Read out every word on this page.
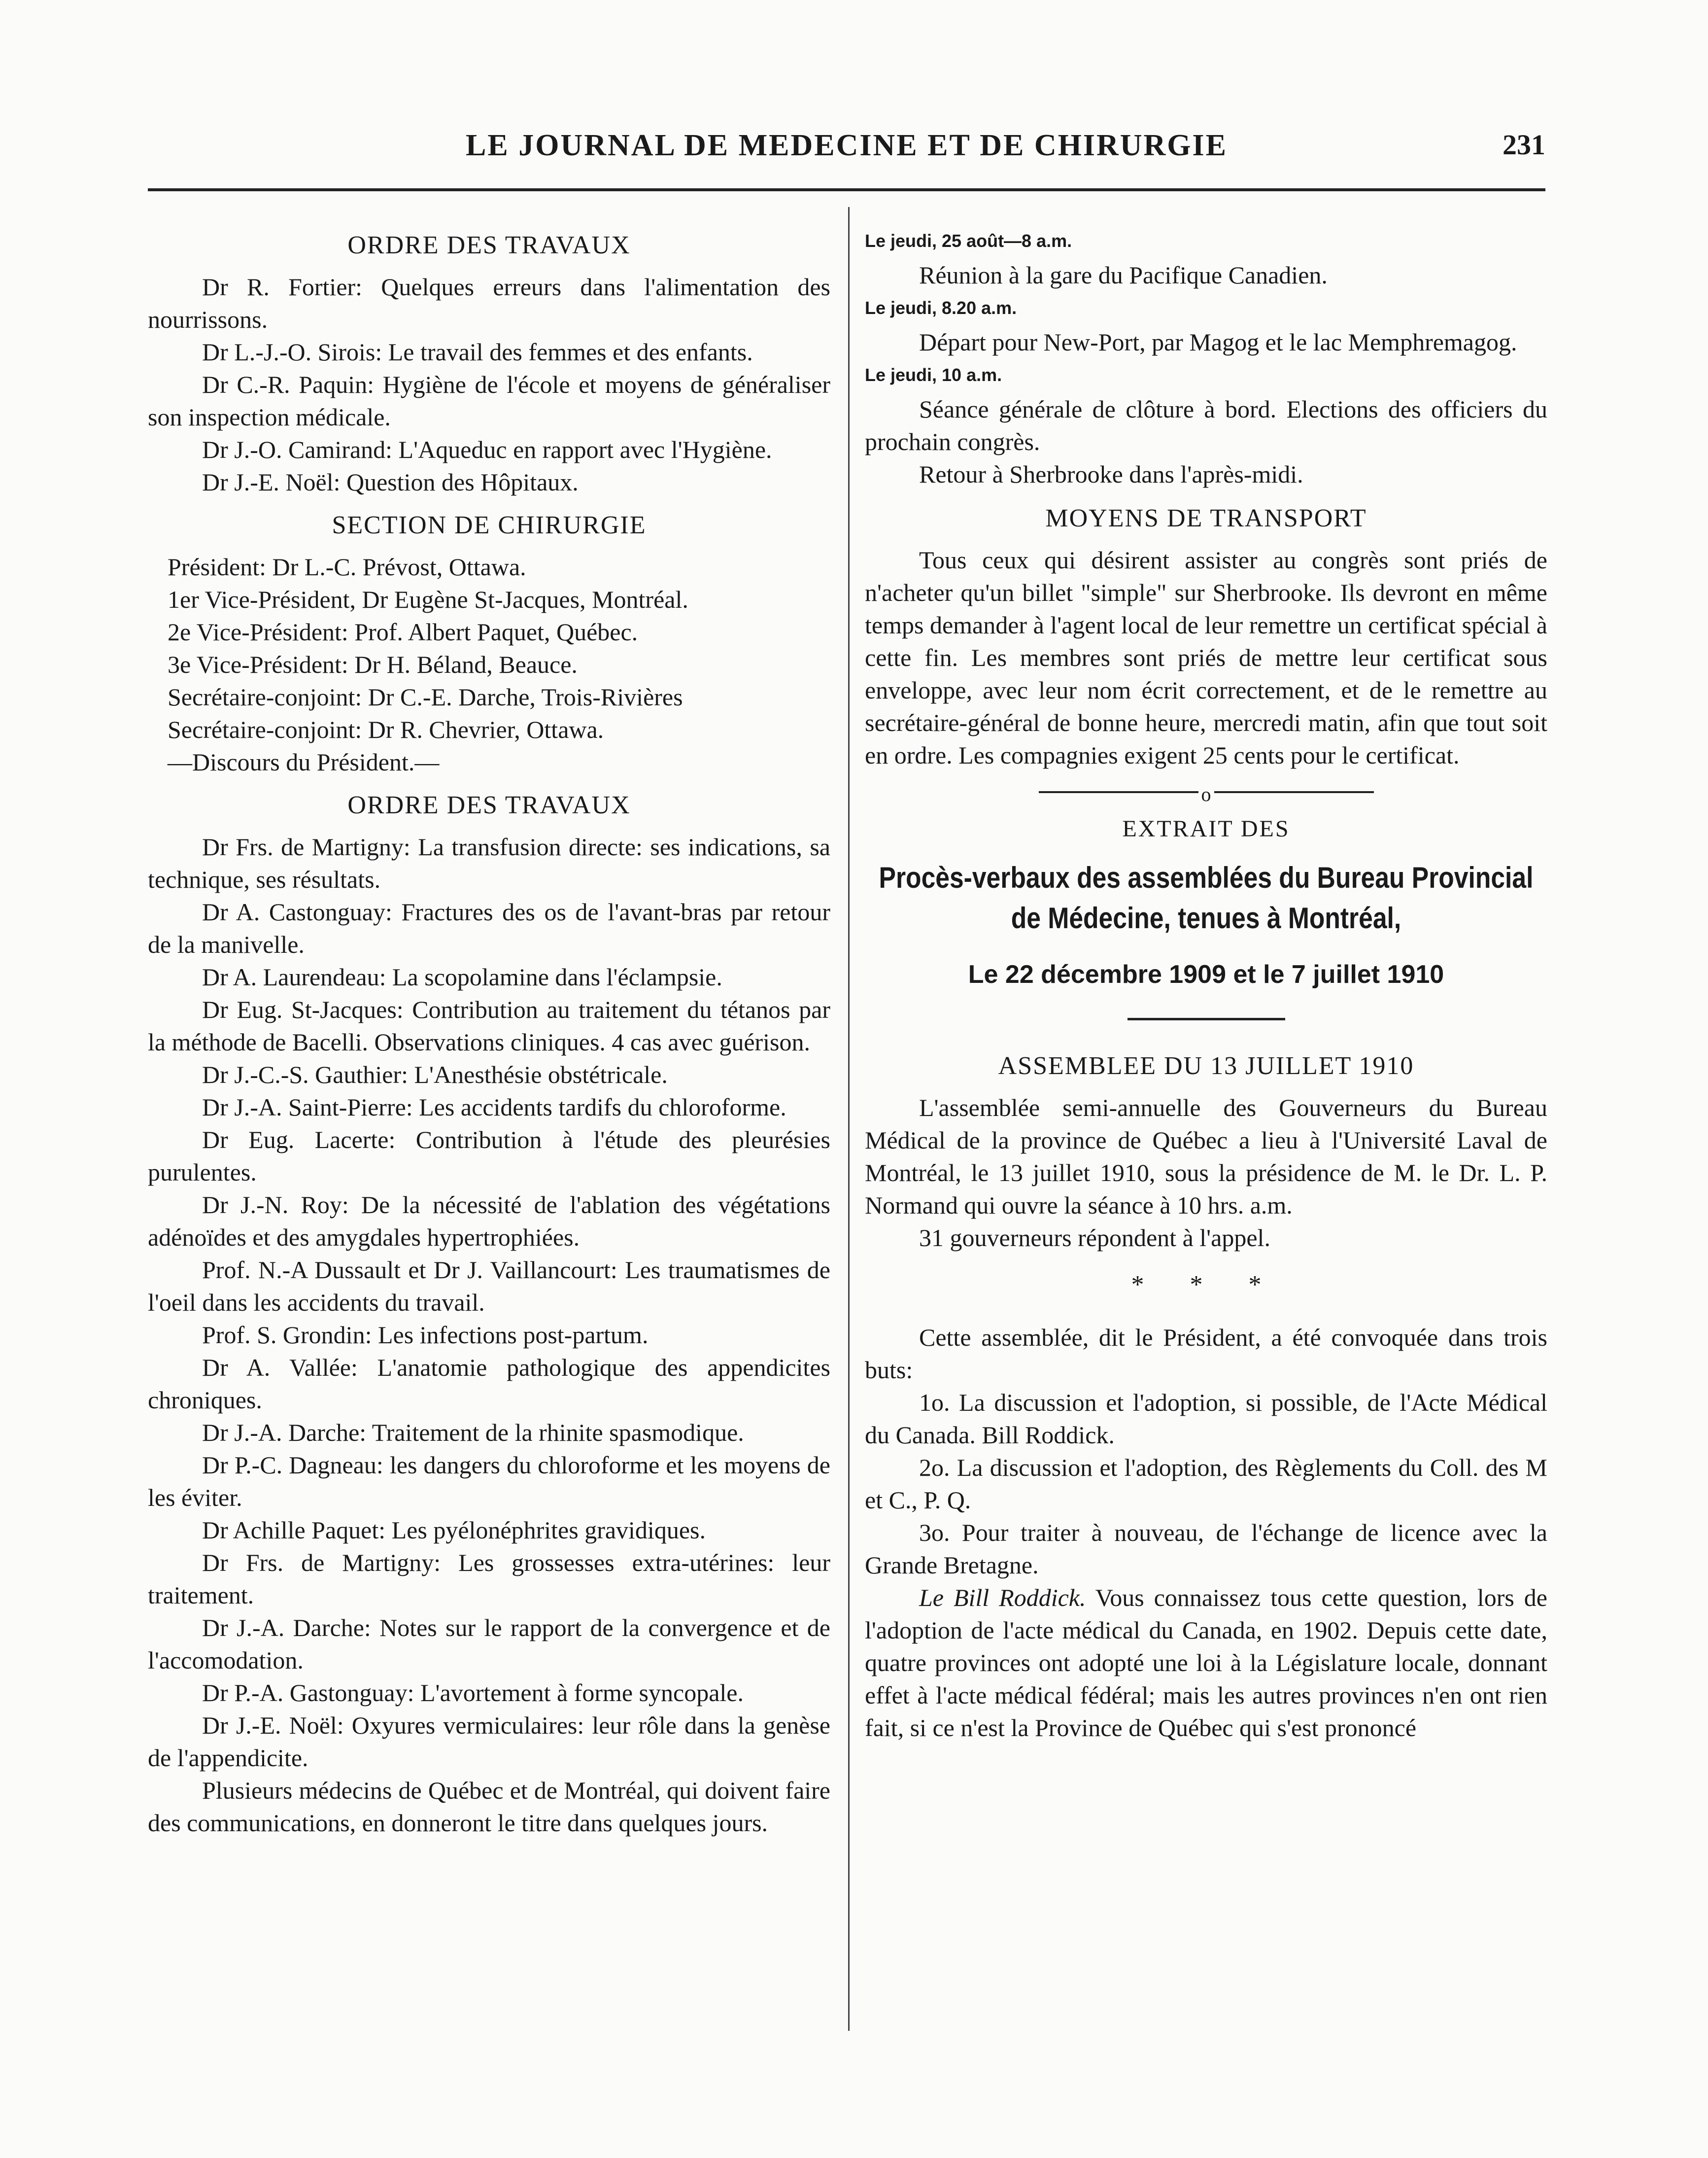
LE JOURNAL DE MEDECINE ET DE CHIRURGIE	231
ORDRE DES TRAVAUX

Dr R. Fortier: Quelques erreurs dans l'alimentation des nourrissons.

Dr L.-J.-O. Sirois: Le travail des femmes et des enfants.

Dr C.-R. Paquin: Hygiène de l'école et moyens de généraliser son inspection médicale.

Dr J.-O. Camirand: L'Aqueduc en rapport avec l'Hygiène.

Dr J.-E. Noël: Question des Hôpitaux.

SECTION DE CHIRURGIE
Président: Dr L.-C. Prévost, Ottawa.
1er Vice-Président, Dr Eugène St-Jacques, Montréal.
2e Vice-Président: Prof. Albert Paquet, Québec.
3e Vice-Président: Dr H. Béland, Beauce.
Secrétaire-conjoint: Dr C.-E. Darche, Trois-Rivières
Secrétaire-conjoint: Dr R. Chevrier, Ottawa.
—Discours du Président.—
ORDRE DES TRAVAUX

Dr Frs. de Martigny: La transfusion directe: ses indications, sa technique, ses résultats.

Dr A. Castonguay: Fractures des os de l'avant-bras par retour de la manivelle.

Dr A. Laurendeau: La scopolamine dans l'éclampsie.

Dr Eug. St-Jacques: Contribution au traitement du tétanos par la méthode de Bacelli. Observations cliniques. 4 cas avec guérison.

Dr J.-C.-S. Gauthier: L'Anesthésie obstétricale.

Dr J.-A. Saint-Pierre: Les accidents tardifs du chloroforme.

Dr Eug. Lacerte: Contribution à l'étude des pleurésies purulentes.

Dr J.-N. Roy: De la nécessité de l'ablation des végétations adénoïdes et des amygdales hypertrophiées.

Prof. N.-A Dussault et Dr J. Vaillancourt: Les traumatismes de l'oeil dans les accidents du travail.

Prof. S. Grondin: Les infections post-partum.

Dr A. Vallée: L'anatomie pathologique des appendicites chroniques.

Dr J.-A. Darche: Traitement de la rhinite spasmodique.

Dr P.-C. Dagneau: les dangers du chloroforme et les moyens de les éviter.

Dr Achille Paquet: Les pyélonéphrites gravidiques.

Dr Frs. de Martigny: Les grossesses extra-utérines: leur traitement.

Dr J.-A. Darche: Notes sur le rapport de la convergence et de l'accomodation.

Dr P.-A. Gastonguay: L'avortement à forme syncopale.

Dr J.-E. Noël: Oxyures vermiculaires: leur rôle dans la genèse de l'appendicite.

Plusieurs médecins de Québec et de Montréal, qui doivent faire des communications, en donneront le titre dans quelques jours.

Le jeudi, 25 août—8 a.m.

Réunion à la gare du Pacifique Canadien.

Le jeudi, 8.20 a.m.

Départ pour New-Port, par Magog et le lac Memphremagog.

Le jeudi, 10 a.m.

Séance générale de clôture à bord. Elections des officiers du prochain congrès.

Retour à Sherbrooke dans l'après-midi.

MOYENS DE TRANSPORT

Tous ceux qui désirent assister au congrès sont priés de n'acheter qu'un billet "simple" sur Sherbrooke. Ils devront en même temps demander à l'agent local de leur remettre un certificat spécial à cette fin. Les membres sont priés de mettre leur certificat sous enveloppe, avec leur nom écrit correctement, et de le remettre au secrétaire-général de bonne heure, mercredi matin, afin que tout soit en ordre. Les compagnies exigent 25 cents pour le certificat.

o
EXTRAIT DES
Procès-verbaux des assemblées du Bureau Provincial de Médecine, tenues à Montréal,
Le 22 décembre 1909 et le 7 juillet 1910
ASSEMBLEE DU 13 JUILLET 1910

L'assemblée semi-annuelle des Gouverneurs du Bureau Médical de la province de Québec a lieu à l'Université Laval de Montréal, le 13 juillet 1910, sous la présidence de M. le Dr. L. P. Normand qui ouvre la séance à 10 hrs. a.m.

31 gouverneurs répondent à l'appel.

* * *

Cette assemblée, dit le Président, a été convoquée dans trois buts:

1o. La discussion et l'adoption, si possible, de l'Acte Médical du Canada. Bill Roddick.

2o. La discussion et l'adoption, des Règlements du Coll. des M et C., P. Q.

3o. Pour traiter à nouveau, de l'échange de licence avec la Grande Bretagne.

Le Bill Roddick. Vous connaissez tous cette question, lors de l'adoption de l'acte médical du Canada, en 1902. Depuis cette date, quatre provinces ont adopté une loi à la Législature locale, donnant effet à l'acte médical fédéral; mais les autres provinces n'en ont rien fait, si ce n'est la Province de Québec qui s'est prononcé
